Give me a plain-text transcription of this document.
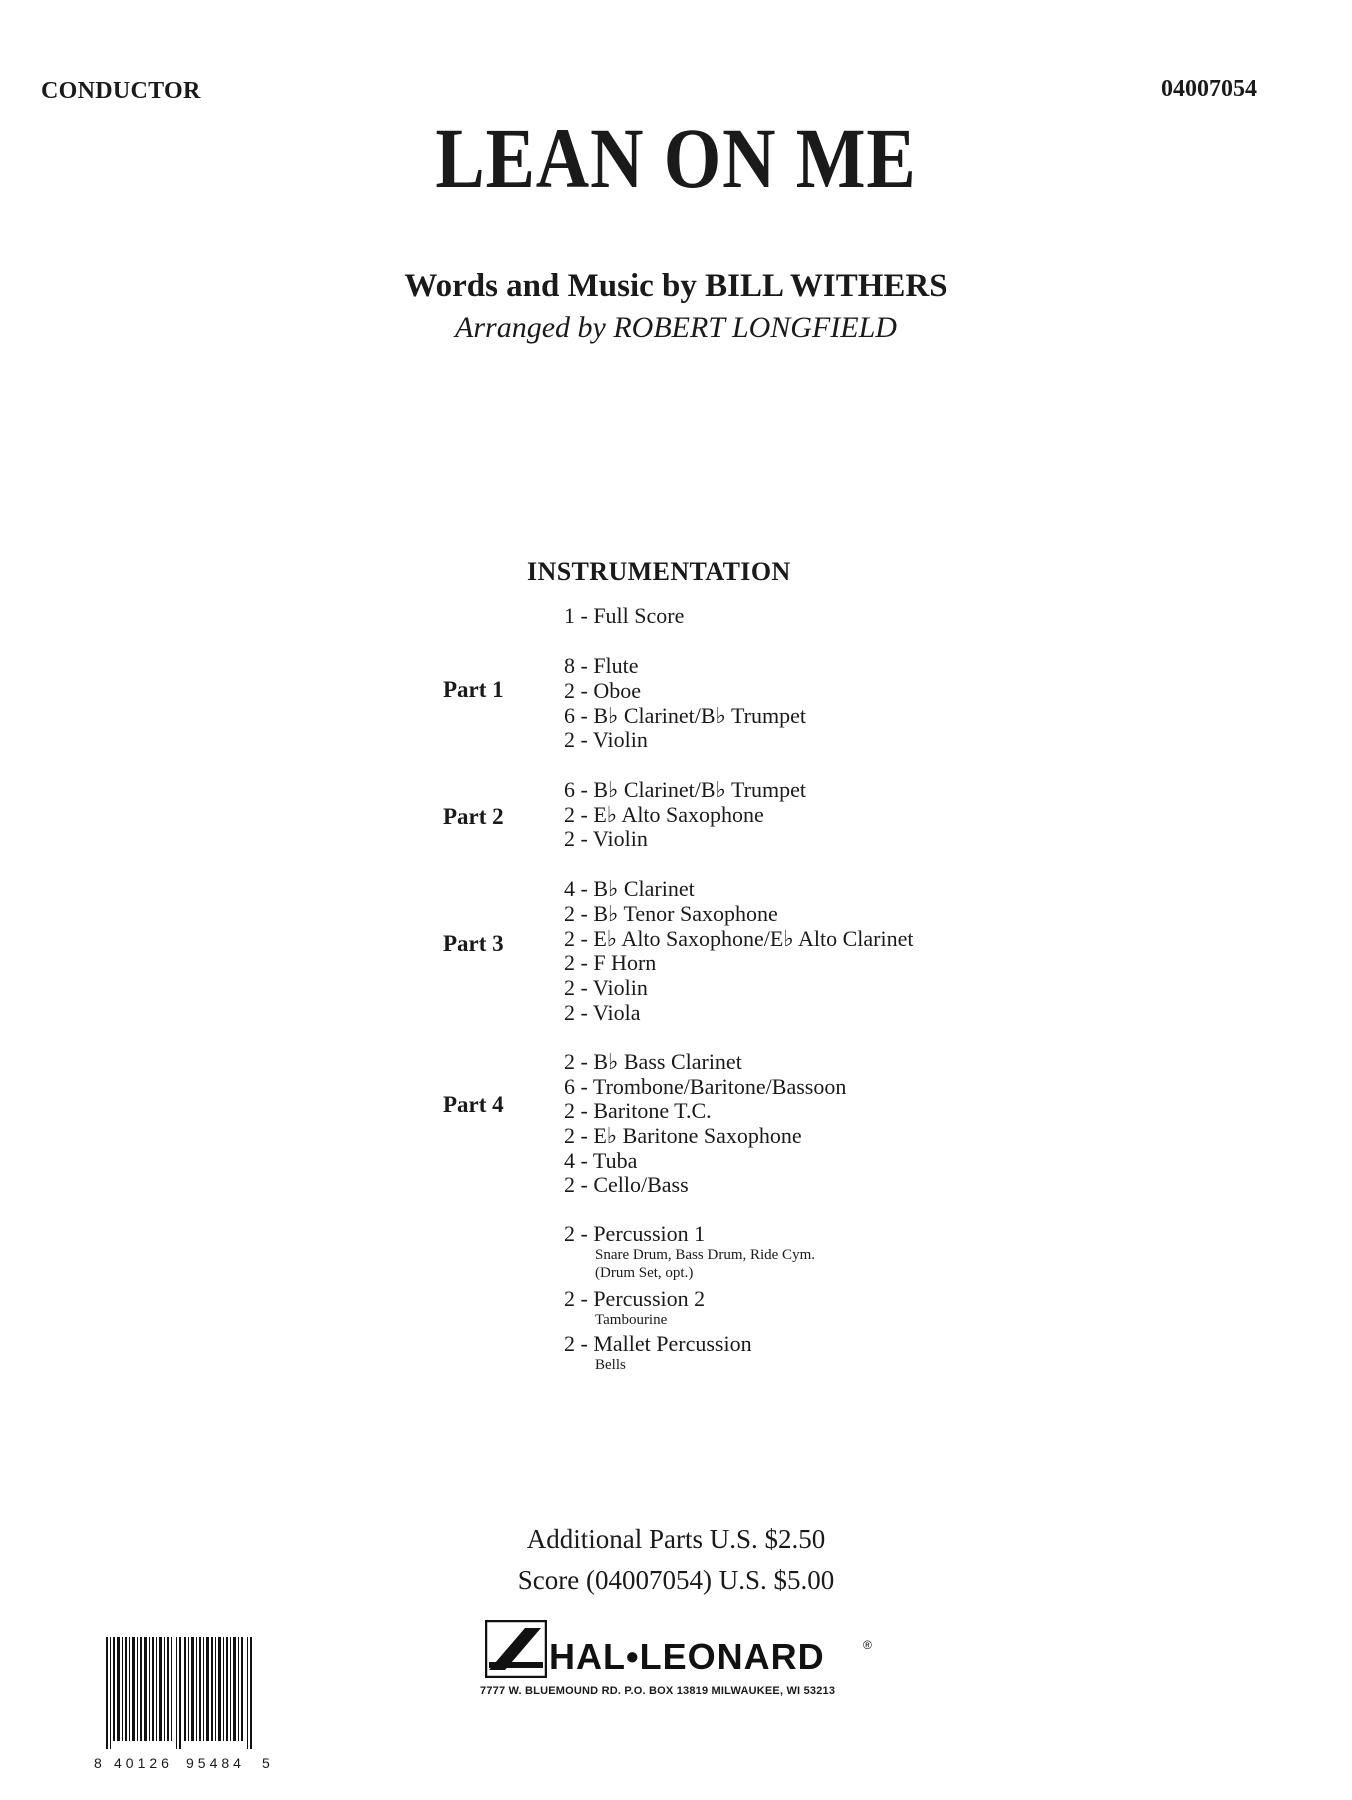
CONDUCTOR	04007054
LEAN ON ME
Words and Music by BILL WITHERS
Arranged by ROBERT LONGFIELD
INSTRUMENTATION
1 - Full Score
Part 1
8 - Flute
2 - Oboe
6 - B♭ Clarinet/B♭ Trumpet
2 - Violin
Part 2
6 - B♭ Clarinet/B♭ Trumpet
2 - E♭ Alto Saxophone
2 - Violin
Part 3
4 - B♭ Clarinet
2 - B♭ Tenor Saxophone
2 - E♭ Alto Saxophone/E♭ Alto Clarinet
2 - F Horn
2 - Violin
2 - Viola
Part 4
2 - B♭ Bass Clarinet
6 - Trombone/Baritone/Bassoon
2 - Baritone T.C.
2 - E♭ Baritone Saxophone
4 - Tuba
2 - Cello/Bass
2 - Percussion 1
Snare Drum, Bass Drum, Ride Cym.
(Drum Set, opt.)
2 - Percussion 2
Tambourine
2 - Mallet Percussion
Bells
Additional Parts U.S. $2.50
Score (04007054) U.S. $5.00
8 40126 95484 5
HAL•LEONARD	®
7777 W. BLUEMOUND RD. P.O. BOX 13819 MILWAUKEE, WI 53213
